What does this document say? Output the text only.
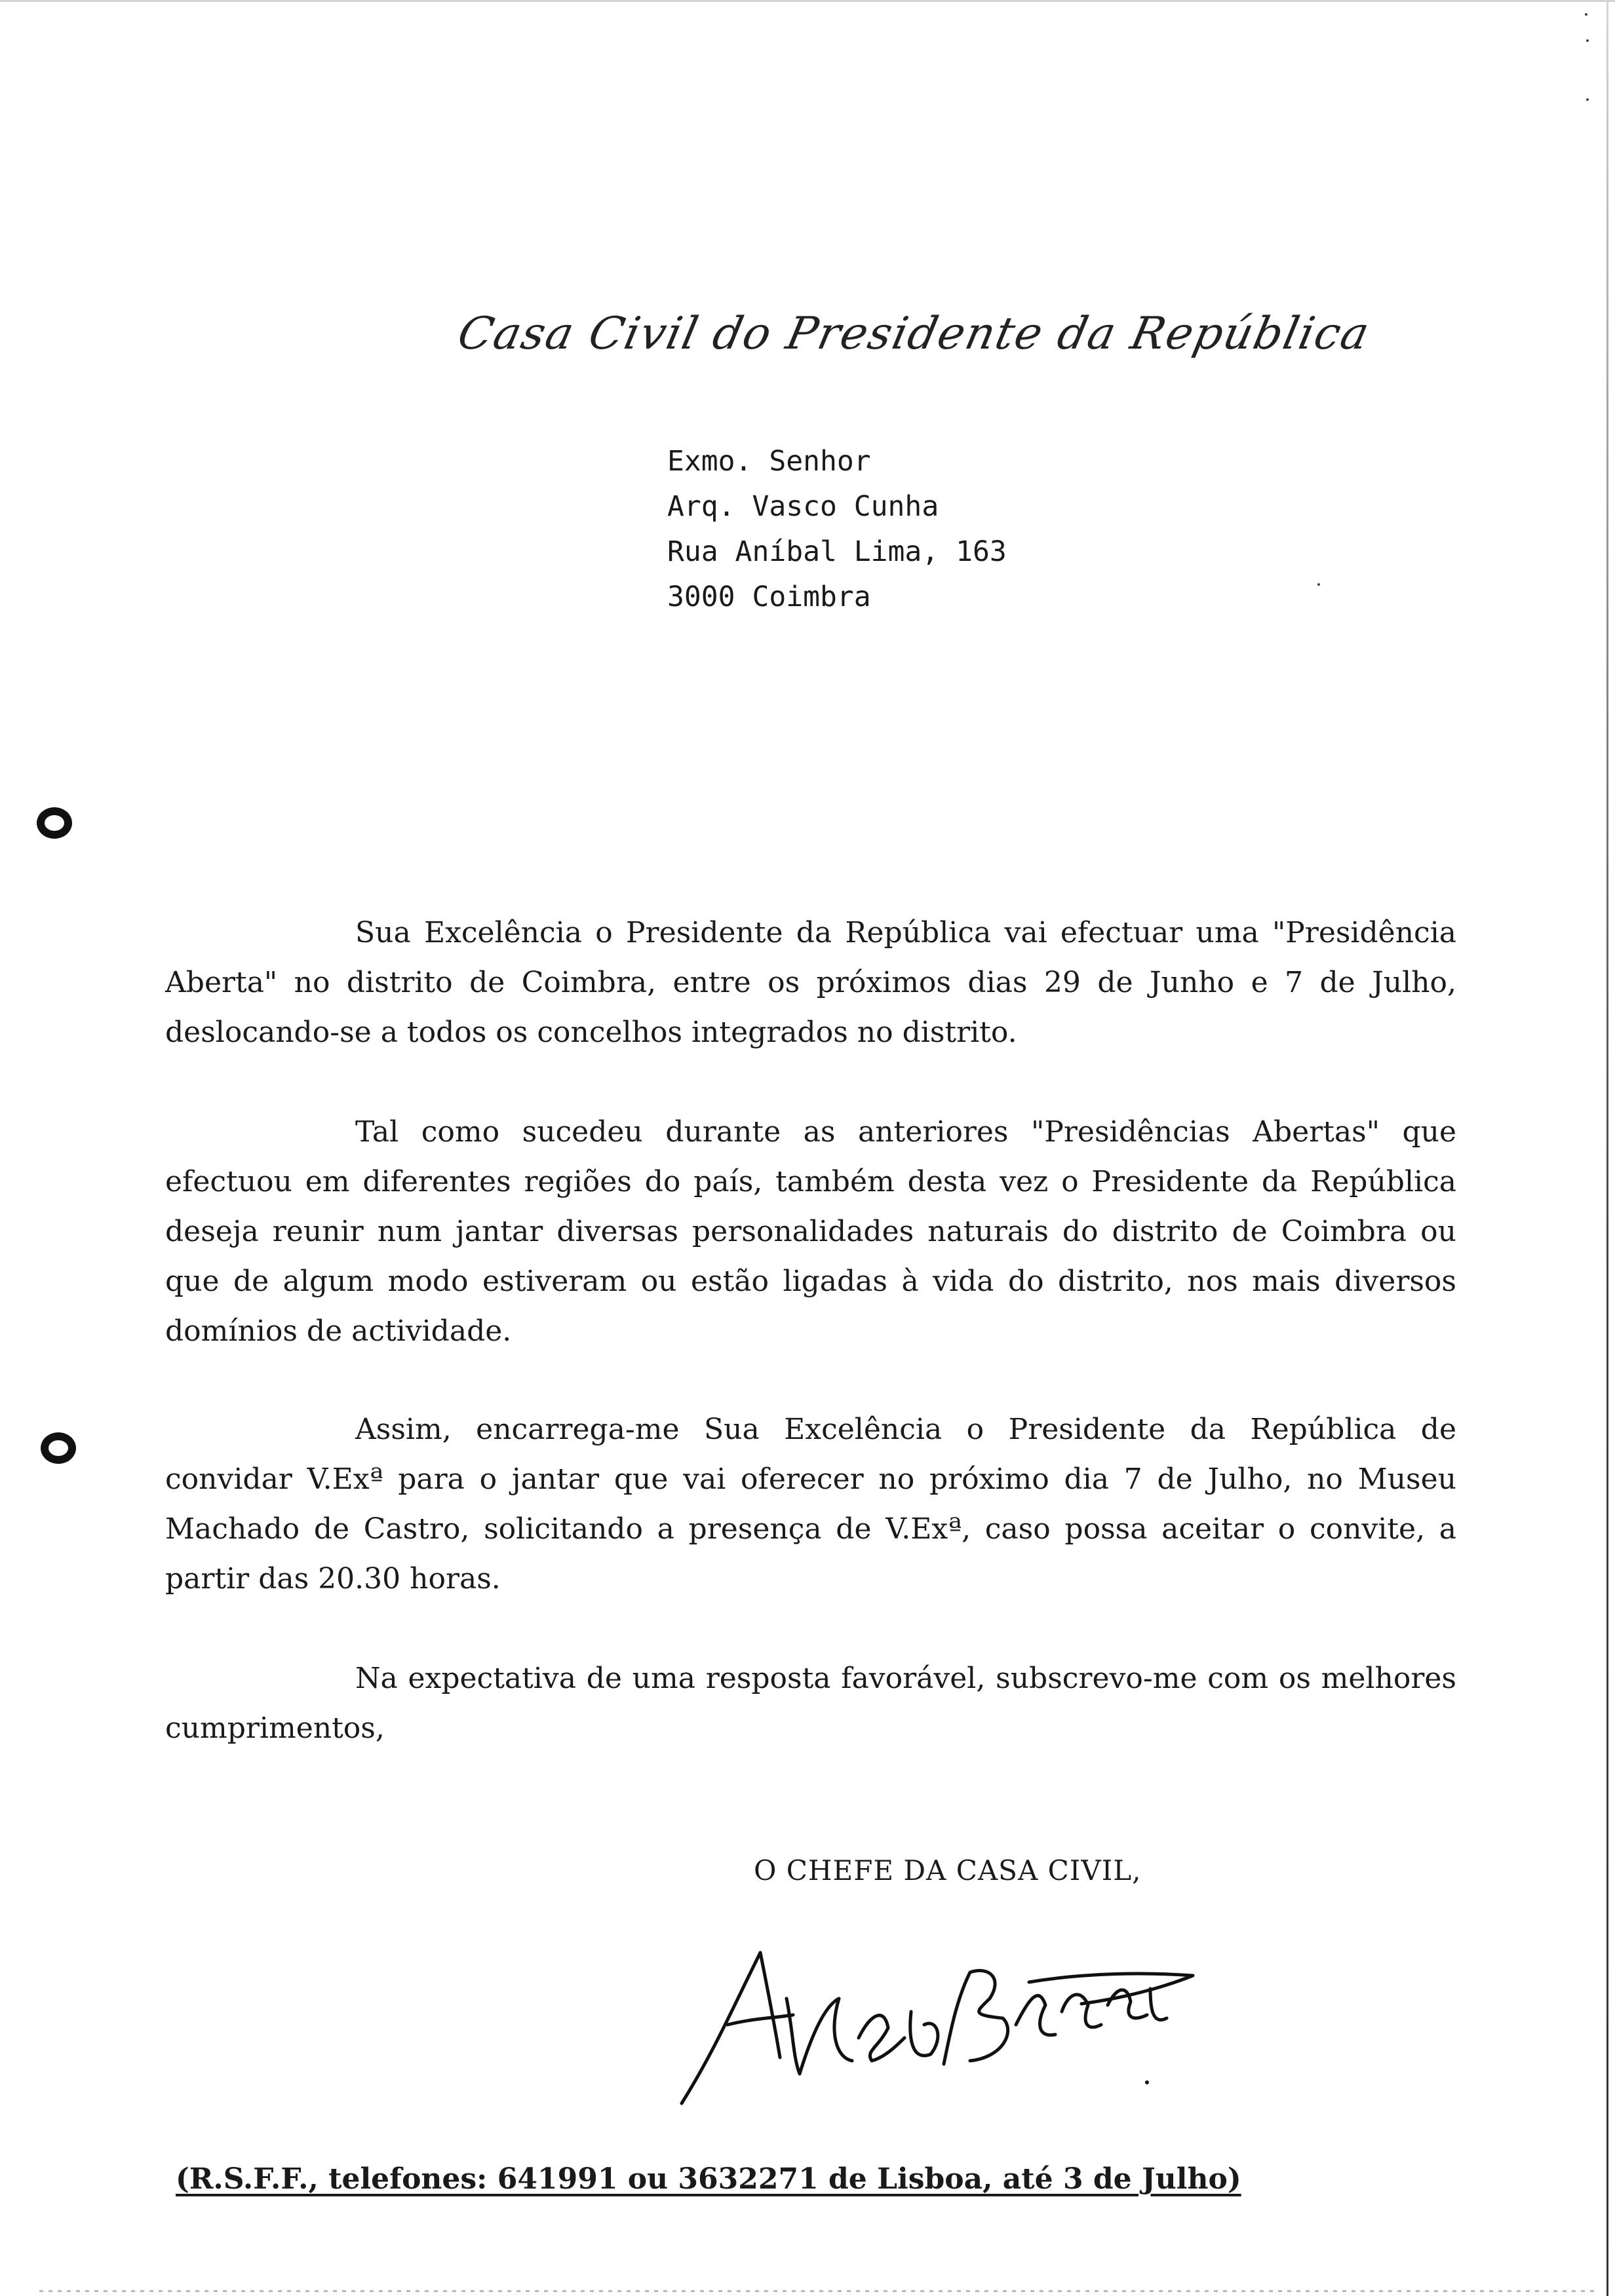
Casa Civil do Presidente da República
Exmo. Senhor
Arq. Vasco Cunha
Rua Aníbal Lima, 163
3000 Coimbra
Sua Excelência o Presidente da República vai efectuar uma "Presidência Aberta" no distrito de Coimbra, entre os próximos dias 29 de Junho e 7 de Julho, deslocando-se a todos os concelhos integrados no distrito.
Tal como sucedeu durante as anteriores "Presidências Abertas" que efectuou em diferentes regiões do país, também desta vez o Presidente da República deseja reunir num jantar diversas personalidades naturais do distrito de Coimbra ou que de algum modo estiveram ou estão ligadas à vida do distrito, nos mais diversos domínios de actividade.
Assim, encarrega-me Sua Excelência o Presidente da República de convidar V.Exª para o jantar que vai oferecer no próximo dia 7 de Julho, no Museu Machado de Castro, solicitando a presença de V.Exª, caso possa aceitar o convite, a partir das 20.30 horas.
Na expectativa de uma resposta favorável, subscrevo-me com os melhores cumprimentos,
O CHEFE DA CASA CIVIL,
(R.S.F.F., telefones: 641991 ou 3632271 de Lisboa, até 3 de Julho)
